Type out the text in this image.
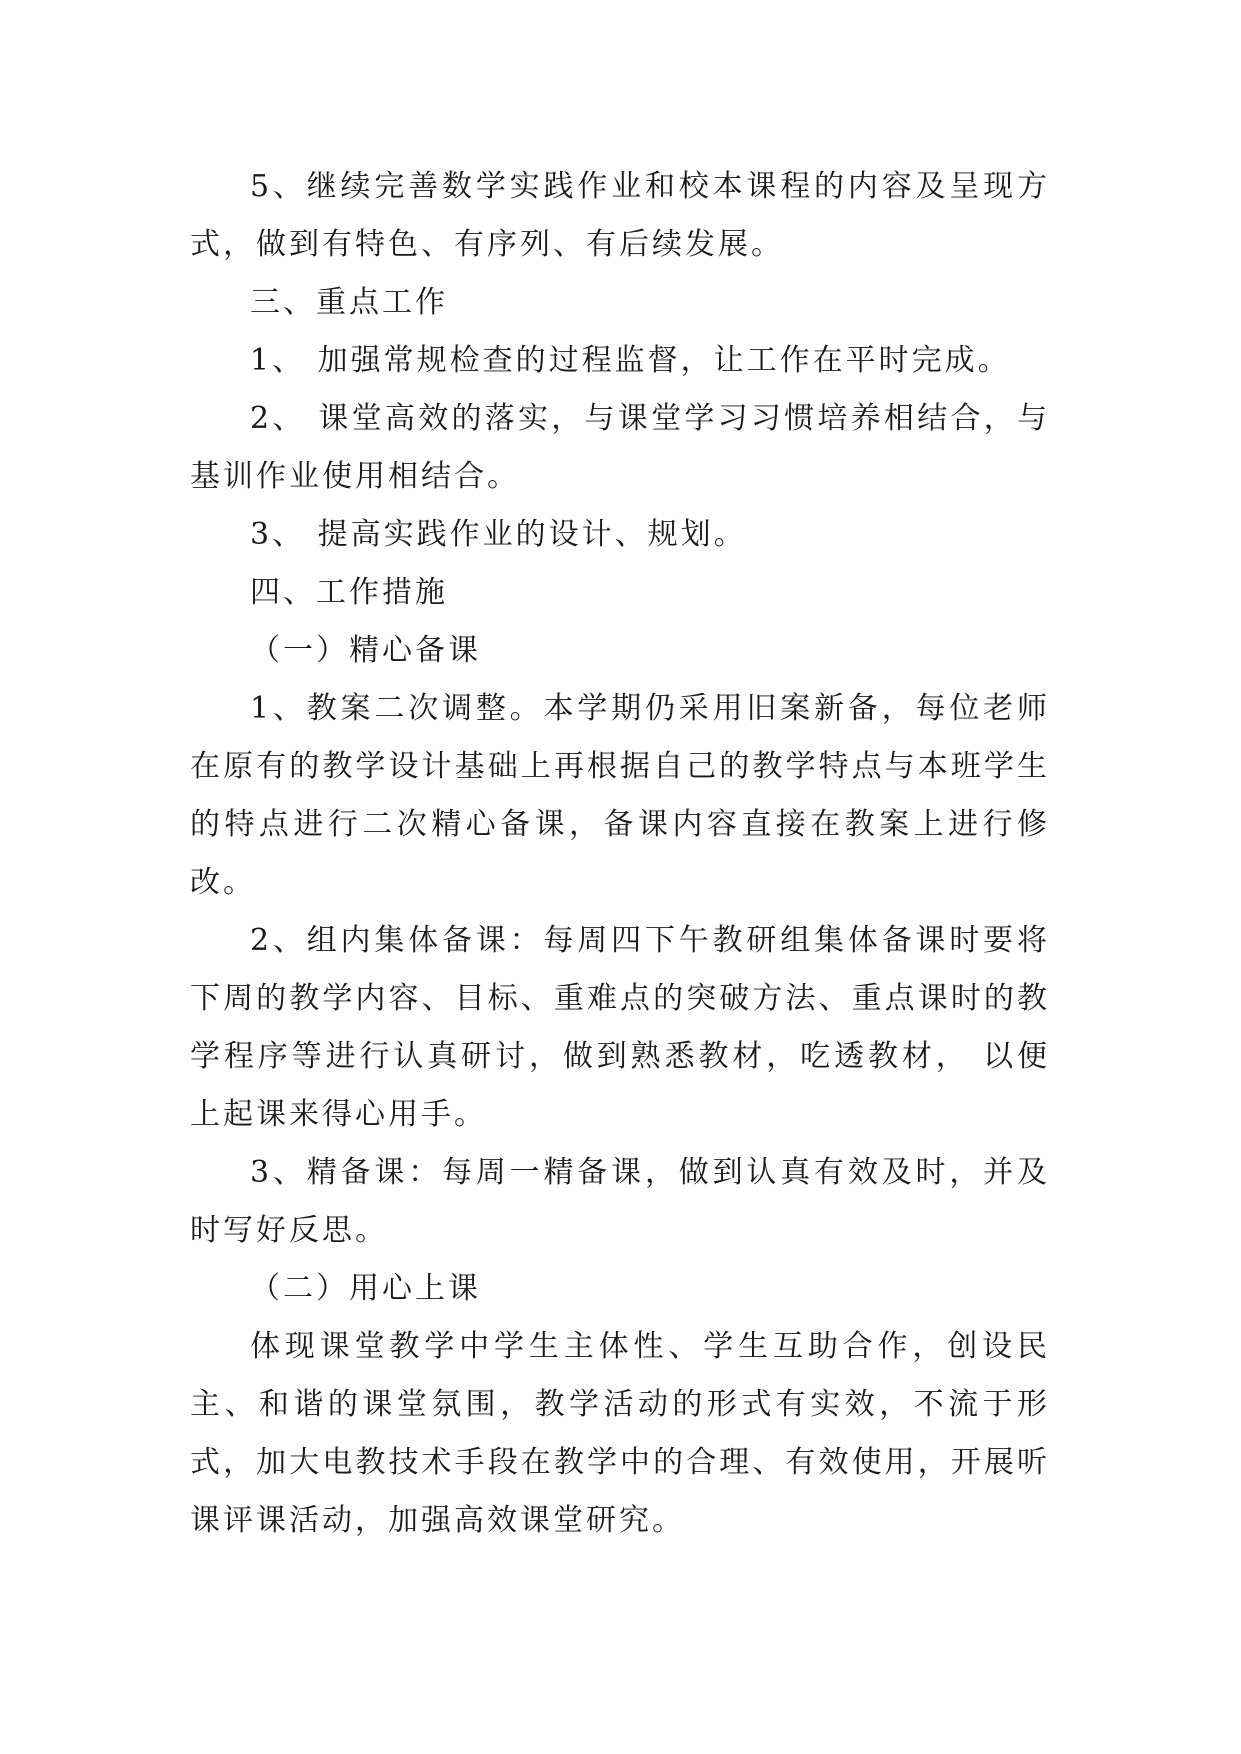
5、继续完善数学实践作业和校本课程的内容及呈现方式，做到有特色、有序列、有后续发展。

三、重点工作

1、 加强常规检查的过程监督，让工作在平时完成。

2、 课堂高效的落实，与课堂学习习惯培养相结合，与基训作业使用相结合。

3、 提高实践作业的设计、规划。

四、工作措施

（一）精心备课

1、教案二次调整。本学期仍采用旧案新备，每位老师在原有的教学设计基础上再根据自己的教学特点与本班学生的特点进行二次精心备课，备课内容直接在教案上进行修改。

2、组内集体备课：每周四下午教研组集体备课时要将下周的教学内容、目标、重难点的突破方法、重点课时的教学程序等进行认真研讨，做到熟悉教材，吃透教材， 以便上起课来得心用手。

3、精备课：每周一精备课，做到认真有效及时，并及时写好反思。

（二）用心上课

体现课堂教学中学生主体性、学生互助合作，创设民主、和谐的课堂氛围，教学活动的形式有实效，不流于形式，加大电教技术手段在教学中的合理、有效使用，开展听课评课活动，加强高效课堂研究。
